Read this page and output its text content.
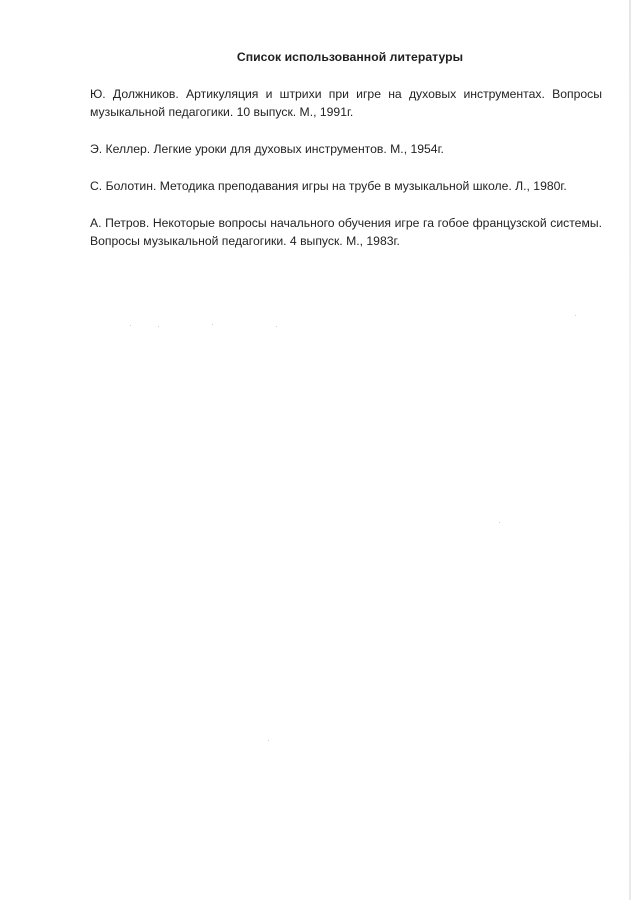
Список использованной литературы

Ю. Должников. Артикуляция и штрихи при игре на духовых инструментах. Вопросы музыкальной педагогики. 10 выпуск. М., 1991г.

Э. Келлер. Легкие уроки для духовых инструментов. М., 1954г.

С. Болотин. Методика преподавания игры на трубе в музыкальной школе. Л., 1980г.

А. Петров. Некоторые вопросы начального обучения игре га гобое французской системы. Вопросы музыкальной педагогики. 4 выпуск. М., 1983г.
